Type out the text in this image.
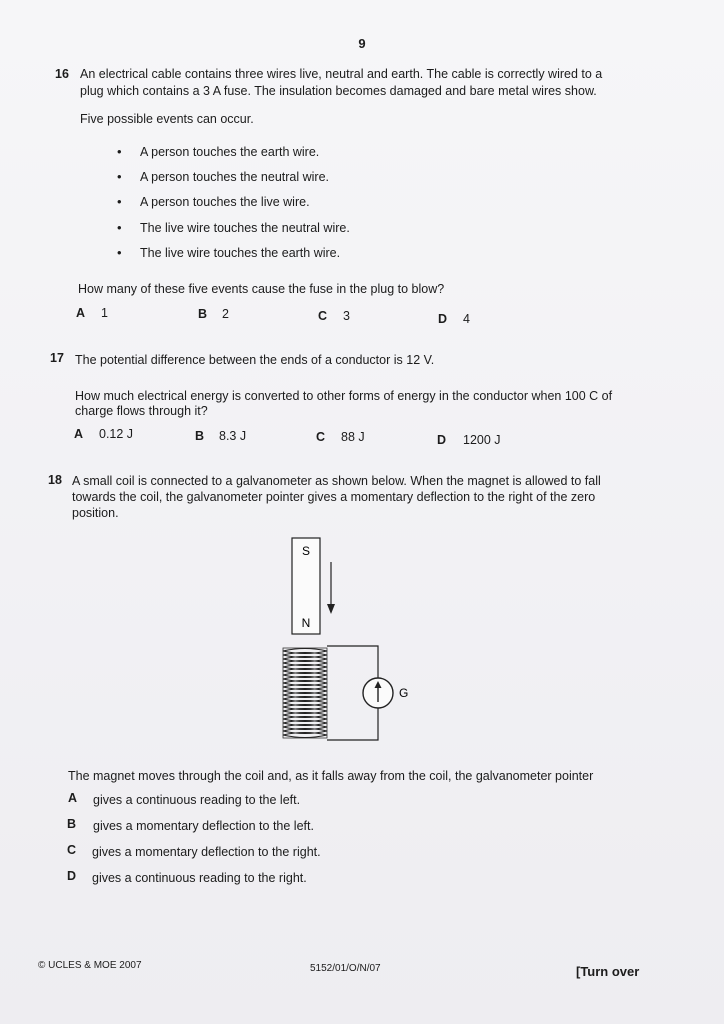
9
16 An electrical cable contains three wires live, neutral and earth. The cable is correctly wired to a
plug which contains a 3 A fuse. The insulation becomes damaged and bare metal wires show.
Five possible events can occur.
• A person touches the earth wire.
• A person touches the neutral wire.
• A person touches the live wire.
• The live wire touches the neutral wire.
• The live wire touches the earth wire.
How many of these five events cause the fuse in the plug to blow?
A 1	B 2	C 3	D 4
17 The potential difference between the ends of a conductor is 12 V.
How much electrical energy is converted to other forms of energy in the conductor when 100 C of
charge flows through it?
A 0.12 J	B 8.3 J	C 88 J	D 1200 J
18 A small coil is connected to a galvanometer as shown below. When the magnet is allowed to fall
towards the coil, the galvanometer pointer gives a momentary deflection to the right of the zero
position.
S
N
G
The magnet moves through the coil and, as it falls away from the coil, the galvanometer pointer
A gives a continuous reading to the left.
B gives a momentary deflection to the left.
C gives a momentary deflection to the right.
D gives a continuous reading to the right.
© UCLES & MOE 2007	5152/01/O/N/07	[Turn over
